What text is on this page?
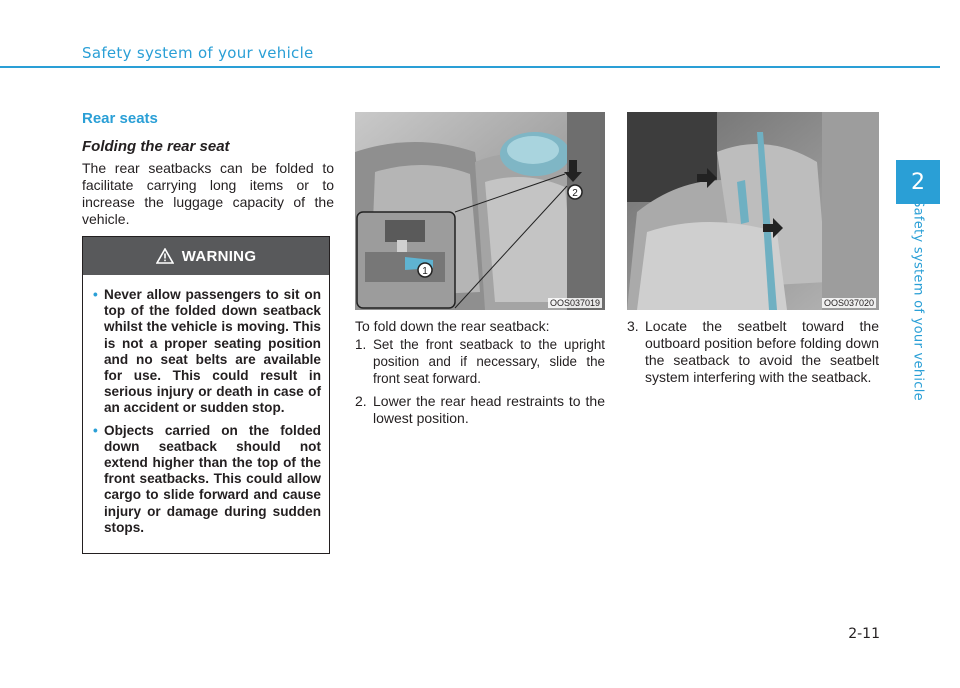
Safety system of your vehicle
2
Safety system of your vehicle
Rear seats
Folding the rear seat

The rear seatbacks can be folded to facilitate carrying long items or to increase the luggage capacity of the vehicle.

WARNING
• Never allow passengers to sit on top of the folded down seatback whilst the vehicle is moving. This is not a proper seating position and no seat belts are available for use. This could result in serious injury or death in case of an accident or sudden stop.
• Objects carried on the folded down seatback should not extend higher than the top of the front seatbacks. This could allow cargo to slide forward and cause injury or damage during sudden stops.
2
1
OOS037019

To fold down the rear seatback:

1. Set the front seatback to the upright position and if necessary, slide the front seat forward.
2. Lower the rear head restraints to the lowest position.
OOS037020
3. Locate the seatbelt toward the outboard position before folding down the seatback to avoid the seatbelt system interfering with the seatback.
2-11
